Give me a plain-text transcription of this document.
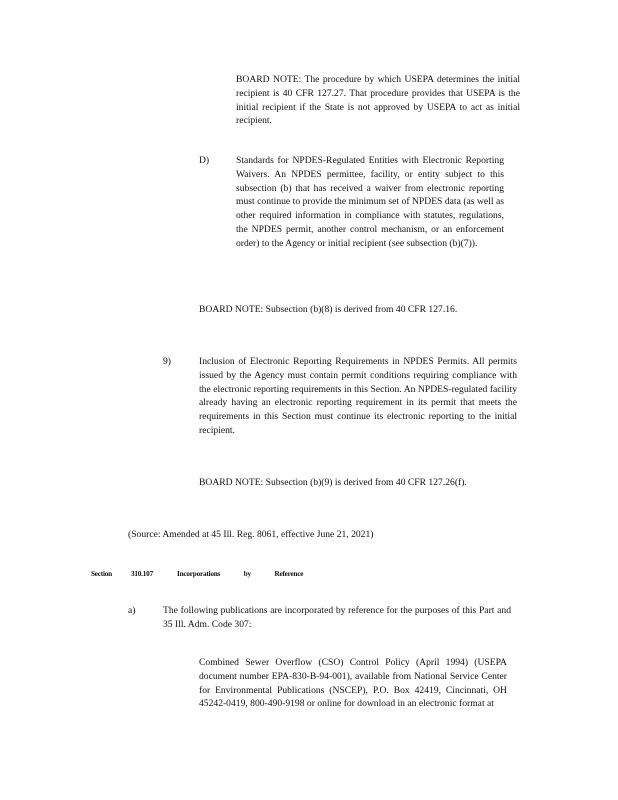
BOARD NOTE: The procedure by which USEPA determines the initial recipient is 40 CFR 127.27. That procedure provides that USEPA is the initial recipient if the State is not approved by USEPA to act as initial recipient.

D)	Standards for NPDES-Regulated Entities with Electronic Reporting Waivers. An NPDES permittee, facility, or entity subject to this subsection (b) that has received a waiver from electronic reporting must continue to provide the minimum set of NPDES data (as well as other required information in compliance with statutes, regulations, the NPDES permit, another control mechanism, or an enforcement order) to the Agency or initial recipient (see subsection (b)(7)).

BOARD NOTE: Subsection (b)(8) is derived from 40 CFR 127.16.

9)	Inclusion of Electronic Reporting Requirements in NPDES Permits. All permits issued by the Agency must contain permit conditions requiring compliance with the electronic reporting requirements in this Section. An NPDES-regulated facility already having an electronic reporting requirement in its permit that meets the requirements in this Section must continue its electronic reporting to the initial recipient.

BOARD NOTE: Subsection (b)(9) is derived from 40 CFR 127.26(f).

(Source: Amended at 45 Ill. Reg. 8061, effective June 21, 2021)

Section	310.107	Incorporations by Reference
a)	The following publications are incorporated by reference for the purposes of this Part and 35 Ill. Adm. Code 307:

Combined Sewer Overflow (CSO) Control Policy (April 1994) (USEPA document number EPA-830-B-94-001), available from National Service Center for Environmental Publications (NSCEP), P.O. Box 42419, Cincinnati, OH 45242-0419, 800-490-9198 or online for download in an electronic format at
